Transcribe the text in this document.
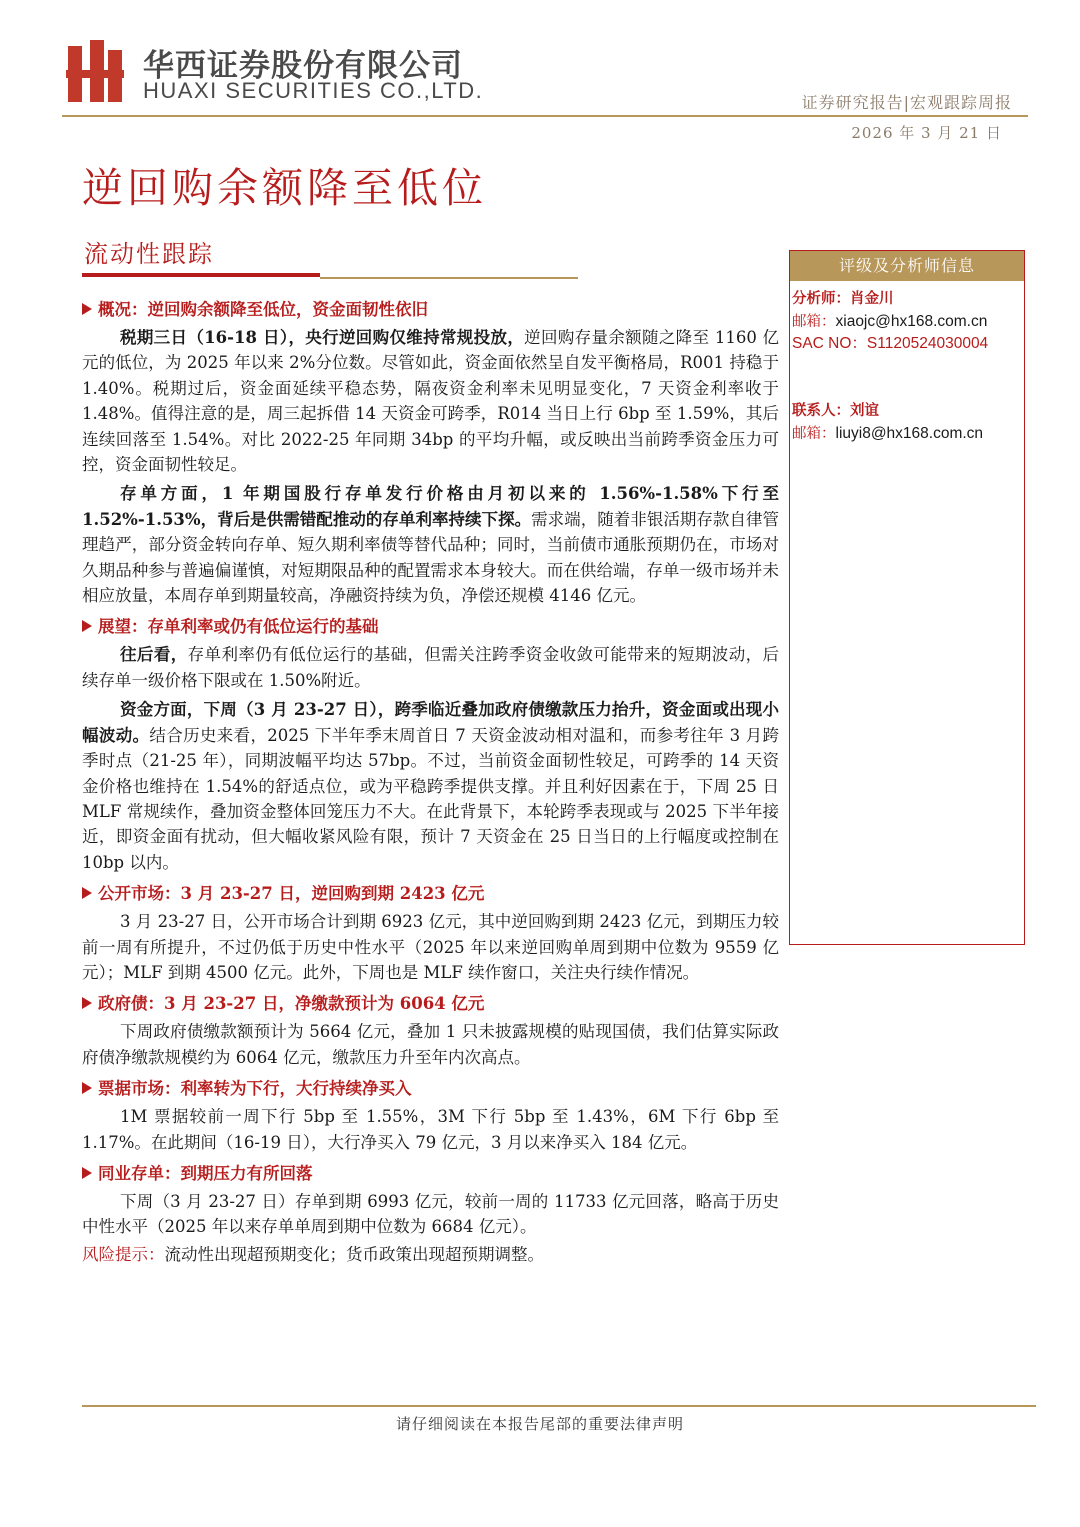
华西证券股份有限公司
HUAXI SECURITIES CO.,LTD.	证券研究报告|宏观跟踪周报
2026 年 3 月 21 日
逆回购余额降至低位
流动性跟踪
概况：逆回购余额降至低位，资金面韧性依旧
税期三日（16-18 日），央行逆回购仅维持常规投放，逆回购存量余额随之降至 1160 亿元的低位，为 2025 年以来 2%分位数。尽管如此，资金面依然呈自发平衡格局，R001 持稳于 1.40%。税期过后，资金面延续平稳态势，隔夜资金利率未见明显变化，7 天资金利率收于 1.48%。值得注意的是，周三起拆借 14 天资金可跨季，R014 当日上行 6bp 至 1.59%，其后连续回落至 1.54%。对比 2022-25 年同期 34bp 的平均升幅，或反映出当前跨季资金压力可控，资金面韧性较足。
存单方面，1 年期国股行存单发行价格由月初以来的 1.56%-1.58%下行至 1.52%-1.53%，背后是供需错配推动的存单利率持续下探。需求端，随着非银活期存款自律管理趋严，部分资金转向存单、短久期利率债等替代品种；同时，当前债市通胀预期仍在，市场对久期品种参与普遍偏谨慎，对短期限品种的配置需求本身较大。而在供给端，存单一级市场并未相应放量，本周存单到期量较高，净融资持续为负，净偿还规模 4146 亿元。
展望：存单利率或仍有低位运行的基础
往后看，存单利率仍有低位运行的基础，但需关注跨季资金收敛可能带来的短期波动，后续存单一级价格下限或在 1.50%附近。
资金方面，下周（3 月 23-27 日），跨季临近叠加政府债缴款压力抬升，资金面或出现小幅波动。结合历史来看，2025 下半年季末周首日 7 天资金波动相对温和，而参考往年 3 月跨季时点（21-25 年），同期波幅平均达 57bp。不过，当前资金面韧性较足，可跨季的 14 天资金价格也维持在 1.54%的舒适点位，或为平稳跨季提供支撑。并且利好因素在于，下周 25 日 MLF 常规续作，叠加资金整体回笼压力不大。在此背景下，本轮跨季表现或与 2025 下半年接近，即资金面有扰动，但大幅收紧风险有限，预计 7 天资金在 25 日当日的上行幅度或控制在 10bp 以内。
公开市场：3 月 23-27 日，逆回购到期 2423 亿元
3 月 23-27 日，公开市场合计到期 6923 亿元，其中逆回购到期 2423 亿元，到期压力较前一周有所提升，不过仍低于历史中性水平（2025 年以来逆回购单周到期中位数为 9559 亿元）；MLF 到期 4500 亿元。此外，下周也是 MLF 续作窗口，关注央行续作情况。
政府债：3 月 23-27 日，净缴款预计为 6064 亿元
下周政府债缴款额预计为 5664 亿元，叠加 1 只未披露规模的贴现国债，我们估算实际政府债净缴款规模约为 6064 亿元，缴款压力升至年内次高点。
票据市场：利率转为下行，大行持续净买入
1M 票据较前一周下行 5bp 至 1.55%，3M 下行 5bp 至 1.43%，6M 下行 6bp 至 1.17%。在此期间（16-19 日），大行净买入 79 亿元，3 月以来净买入 184 亿元。
同业存单：到期压力有所回落
下周（3 月 23-27 日）存单到期 6993 亿元，较前一周的 11733 亿元回落，略高于历史中性水平（2025 年以来存单单周到期中位数为 6684 亿元）。
风险提示：流动性出现超预期变化；货币政策出现超预期调整。
评级及分析师信息
分析师：肖金川
邮箱：xiaojc@hx168.com.cn
SAC NO：S1120524030004
联系人：刘谊
邮箱：liuyi8@hx168.com.cn
请仔细阅读在本报告尾部的重要法律声明
